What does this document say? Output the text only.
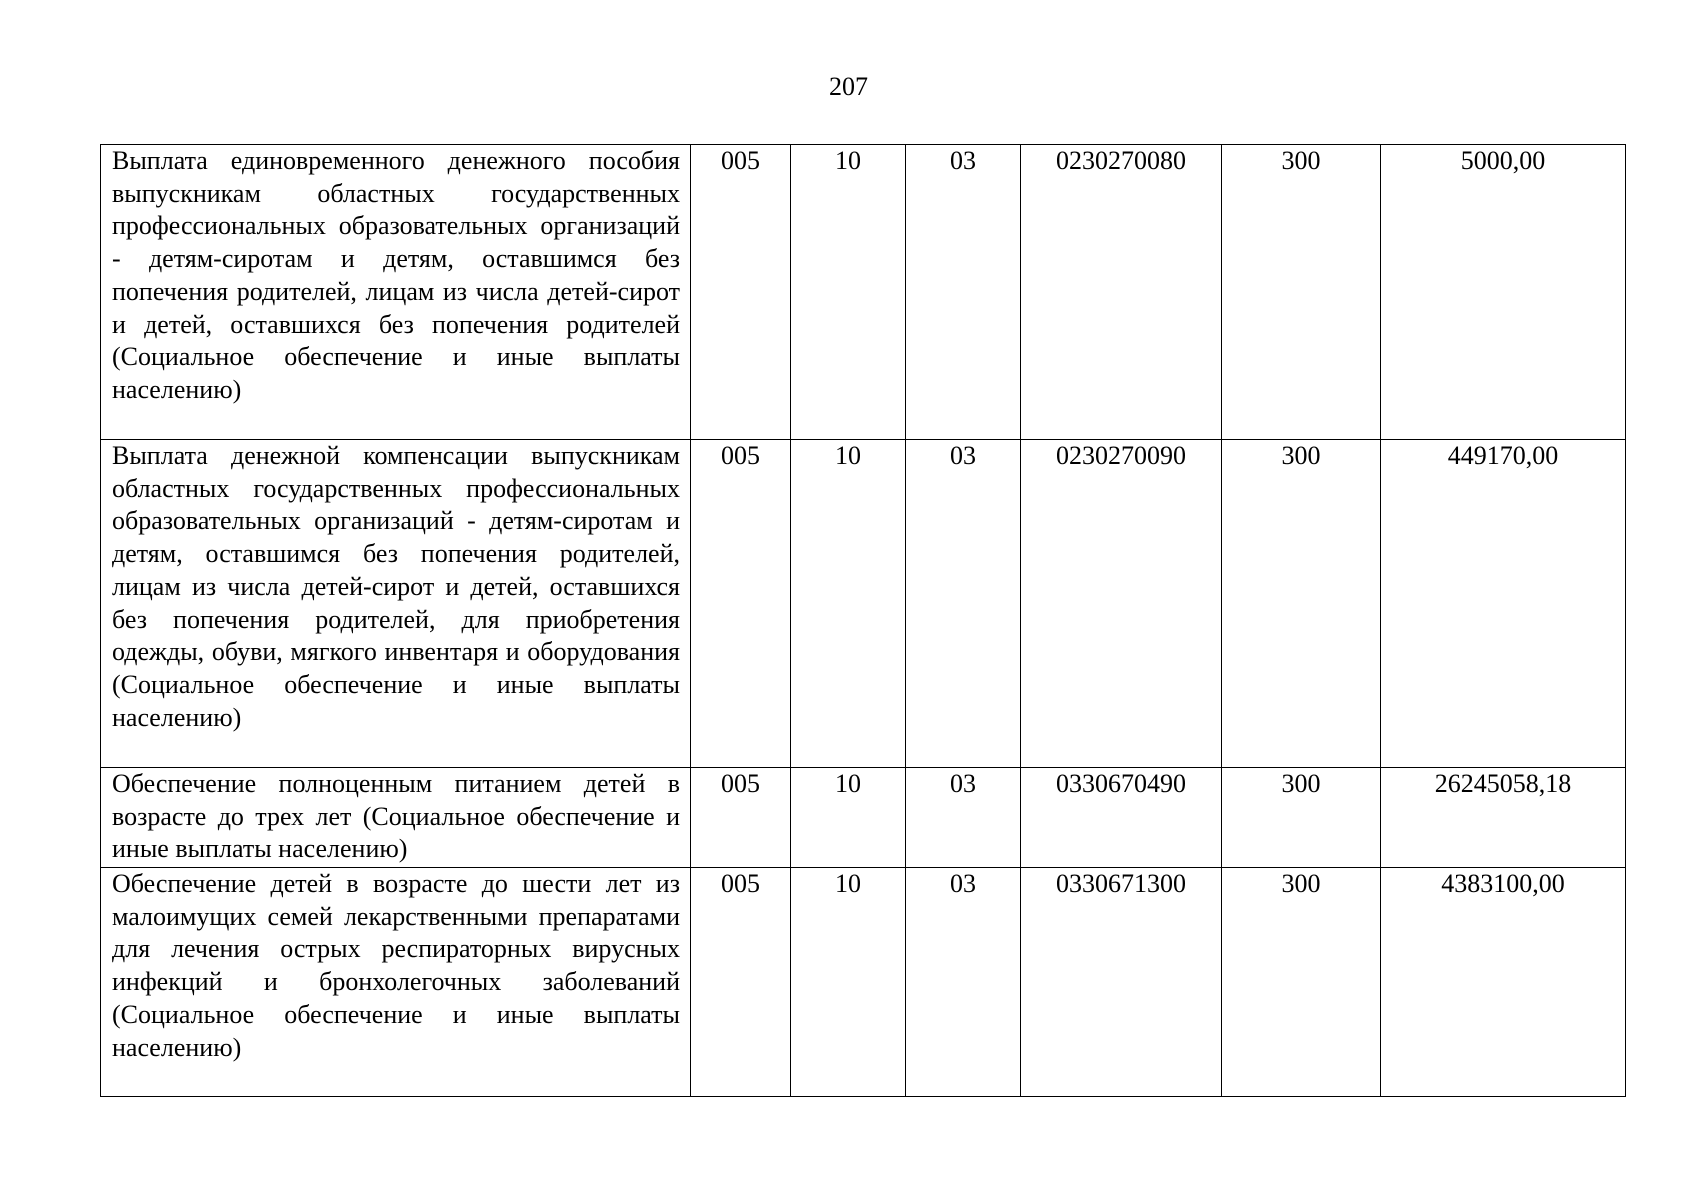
207
Выплата единовременного денежного пособия выпускникам областных государственных профессиональных образовательных организаций - детям-сиротам и детям, оставшимся без попечения родителей, лицам из числа детей-сирот и детей, оставшихся без попечения родителей (Социальное обеспечение и иные выплаты населению)	005	10	03	0230270080	300	5000,00
Выплата денежной компенсации выпускникам областных государственных профессиональных образовательных организаций - детям-сиротам и детям, оставшимся без попечения родителей, лицам из числа детей-сирот и детей, оставшихся без попечения родителей, для приобретения одежды, обуви, мягкого инвентаря и оборудования (Социальное обеспечение и иные выплаты населению)	005	10	03	0230270090	300	449170,00
Обеспечение полноценным питанием детей в возрасте до трех лет (Социальное обеспечение и иные выплаты населению)	005	10	03	0330670490	300	26245058,18
Обеспечение детей в возрасте до шести лет из малоимущих семей лекарственными препаратами для лечения острых респираторных вирусных инфекций и бронхолегочных заболеваний (Социальное обеспечение и иные выплаты населению)	005	10	03	0330671300	300	4383100,00
